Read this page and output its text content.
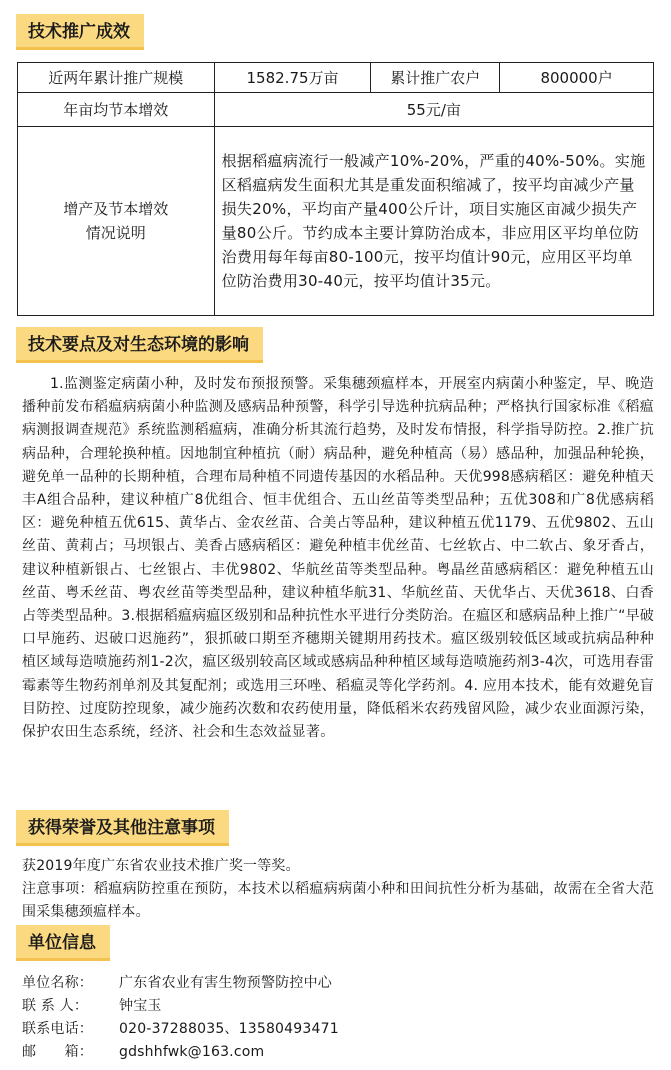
技术推广成效
近两年累计推广规模	1582.75万亩	累计推广农户	800000户
年亩均节本增效	55元/亩		

增产及节本增效
情况说明	根据稻瘟病流行一般减产10%-20%，严重的40%-50%。实施区稻瘟病发生面积尤其是重发面积缩减了，按平均亩减少产量损失20%，平均亩产量400公斤计，项目实施区亩减少损失产量80公斤。节约成本主要计算防治成本，非应用区平均单位防治费用每年每亩80-100元，按平均值计90元，应用区平均单位防治费用30-40元，按平均值计35元。		
技术要点及对生态环境的影响
1.监测鉴定病菌小种，及时发布预报预警。采集穗颈瘟样本，开展室内病菌小种鉴定，早、晚造播种前发布稻瘟病病菌小种监测及感病品种预警，科学引导选种抗病品种；严格执行国家标准《稻瘟病测报调查规范》系统监测稻瘟病，准确分析其流行趋势，及时发布情报，科学指导防控。2.推广抗病品种，合理轮换种植。因地制宜种植抗（耐）病品种，避免种植高（易）感品种，加强品种轮换，避免单一品种的长期种植，合理布局种植不同遗传基因的水稻品种。天优998感病稻区：避免种植天丰A组合品种，建议种植广8优组合、恒丰优组合、五山丝苗等类型品种；五优308和广8优感病稻区：避免种植五优615、黄华占、金农丝苗、合美占等品种，建议种植五优1179、五优9802、五山丝苗、黄莉占；马坝银占、美香占感病稻区：避免种植丰优丝苗、七丝软占、中二软占、象牙香占，建议种植新银占、七丝银占、丰优9802、华航丝苗等类型品种。粤晶丝苗感病稻区：避免种植五山丝苗、粤禾丝苗、粤农丝苗等类型品种，建议种植华航31、华航丝苗、天优华占、天优3618、白香占等类型品种。3.根据稻瘟病瘟区级别和品种抗性水平进行分类防治。在瘟区和感病品种上推广“早破口早施药、迟破口迟施药”，狠抓破口期至齐穗期关键期用药技术。瘟区级别较低区域或抗病品种种植区域每造喷施药剂1-2次，瘟区级别较高区域或感病品种种植区域每造喷施药剂3-4次，可选用春雷霉素等生物药剂单剂及其复配剂；或选用三环唑、稻瘟灵等化学药剂。4. 应用本技术，能有效避免盲目防控、过度防控现象，减少施药次数和农药使用量，降低稻米农药残留风险，减少农业面源污染，保护农田生态系统，经济、社会和生态效益显著。
获得荣誉及其他注意事项
获2019年度广东省农业技术推广奖一等奖。
注意事项：稻瘟病防控重在预防，本技术以稻瘟病病菌小种和田间抗性分析为基础，故需在全省大范围采集穗颈瘟样本。
单位信息
单位名称： 广东省农业有害生物预警防控中心
联 系 人： 钟宝玉
联系电话： 020-37288035、13580493471
邮　　箱： gdshhfwk@163.com
